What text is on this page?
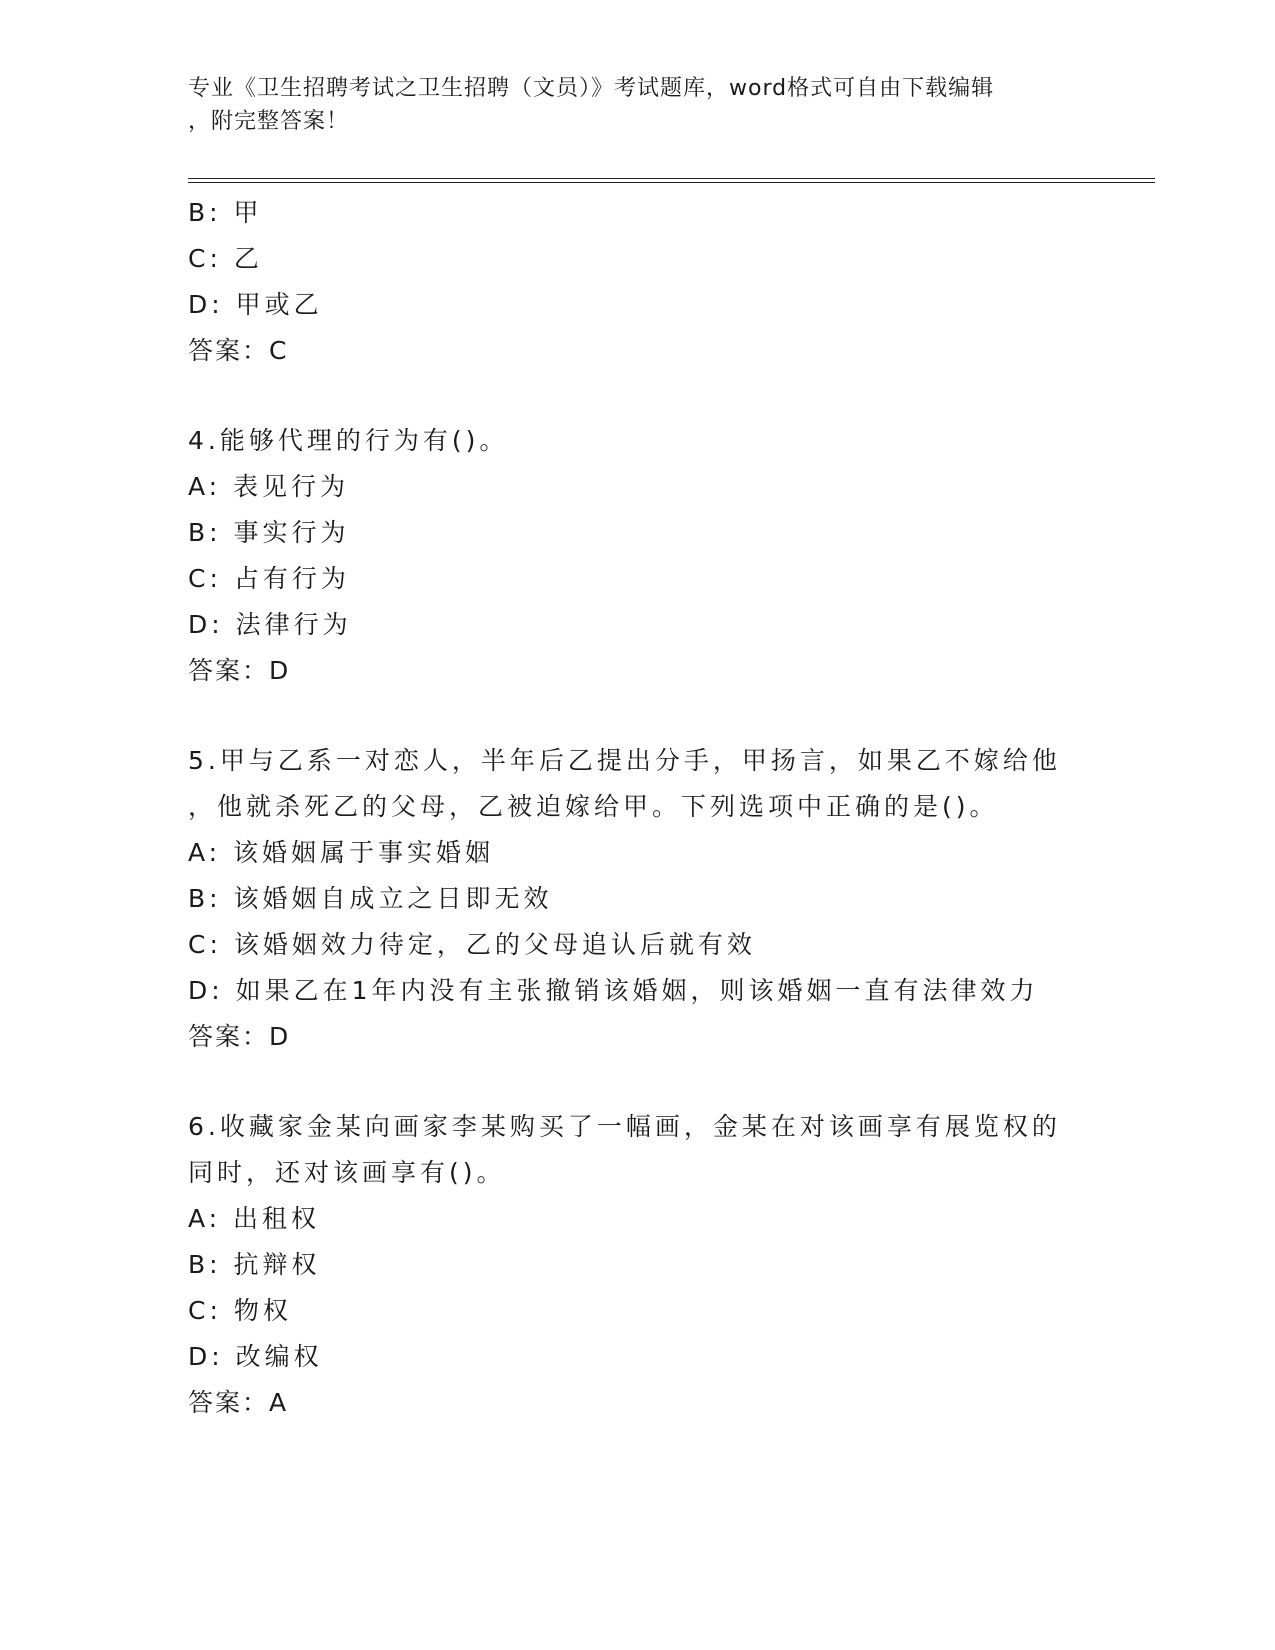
专业《卫生招聘考试之卫生招聘（文员）》考试题库，word格式可自由下载编辑
，附完整答案！
B: 甲
C: 乙
D: 甲或乙
答案：C
4.能够代理的行为有()。
A: 表见行为
B: 事实行为
C: 占有行为
D: 法律行为
答案：D
5.甲与乙系一对恋人，半年后乙提出分手，甲扬言，如果乙不嫁给他
，他就杀死乙的父母，乙被迫嫁给甲。下列选项中正确的是()。
A: 该婚姻属于事实婚姻
B: 该婚姻自成立之日即无效
C: 该婚姻效力待定，乙的父母追认后就有效
D: 如果乙在1年内没有主张撤销该婚姻，则该婚姻一直有法律效力
答案：D
6.收藏家金某向画家李某购买了一幅画，金某在对该画享有展览权的
同时，还对该画享有()。
A: 出租权
B: 抗辩权
C: 物权
D: 改编权
答案：A
